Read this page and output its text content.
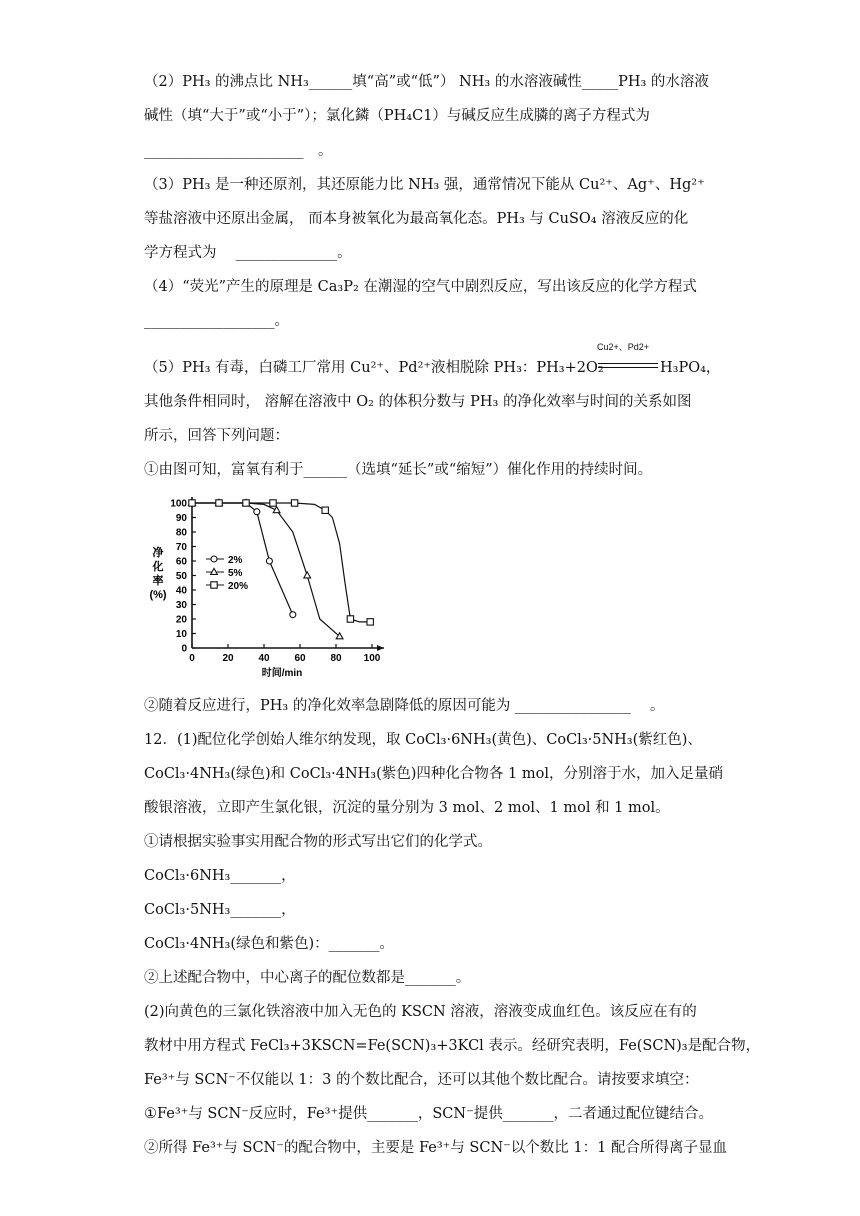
（2）PH₃ 的沸点比 NH₃______填“高”或“低”） NH₃ 的水溶液碱性_____PH₃ 的水溶液
碱性（填“大于”或“小于”）；氯化鏻（PH₄C1）与碱反应生成膦的离子方程式为
______________________　。
（3）PH₃ 是一种还原剂，其还原能力比 NH₃ 强，通常情况下能从 Cu²⁺、Ag⁺、Hg²⁺
等盐溶液中还原出金属， 而本身被氧化为最高氧化态。PH₃ 与 CuSO₄ 溶液反应的化
学方程式为　 ______________。
（4）“荧光”产生的原理是 Ca₃P₂ 在潮湿的空气中剧烈反应，写出该反应的化学方程式
__________________。
（5）PH₃ 有毒，白磷工厂常用 Cu²⁺、Pd²⁺液相脱除 PH₃：PH₃+2O₂
Cu2+、Pd2+
H₃PO₄，
其他条件相同时， 溶解在溶液中 O₂ 的体积分数与 PH₃ 的净化效率与时间的关系如图
所示，回答下列问题：
①由图可知，富氧有利于______（选填“延长”或“缩短”）催化作用的持续时间。
0	20 40 60 80 100
0
10
20
30
40
50
60
70
80
90
100
时间/min
净化率(%)
2%
5%
20%
②随着反应进行，PH₃ 的净化效率急剧降低的原因可能为 ________________　 。
12．(1)配位化学创始人维尔纳发现，取 CoCl₃·6NH₃(黄色)、CoCl₃·5NH₃(紫红色)、
CoCl₃·4NH₃(绿色)和 CoCl₃·4NH₃(紫色)四种化合物各 1 mol，分别溶于水，加入足量硝
酸银溶液，立即产生氯化银，沉淀的量分别为 3 mol、2 mol、1 mol 和 1 mol。
①请根据实验事实用配合物的形式写出它们的化学式。
CoCl₃·6NH₃_______，
CoCl₃·5NH₃_______，
CoCl₃·4NH₃(绿色和紫色)：_______。
②上述配合物中，中心离子的配位数都是_______。
(2)向黄色的三氯化铁溶液中加入无色的 KSCN 溶液，溶液变成血红色。该反应在有的
教材中用方程式 FeCl₃+3KSCN=Fe(SCN)₃+3KCl 表示。经研究表明，Fe(SCN)₃是配合物，
Fe³⁺与 SCN⁻不仅能以 1：3 的个数比配合，还可以其他个数比配合。请按要求填空：
①Fe³⁺与 SCN⁻反应时，Fe³⁺提供_______，SCN⁻提供_______，二者通过配位键结合。
②所得 Fe³⁺与 SCN⁻的配合物中，主要是 Fe³⁺与 SCN⁻以个数比 1：1 配合所得离子显血
